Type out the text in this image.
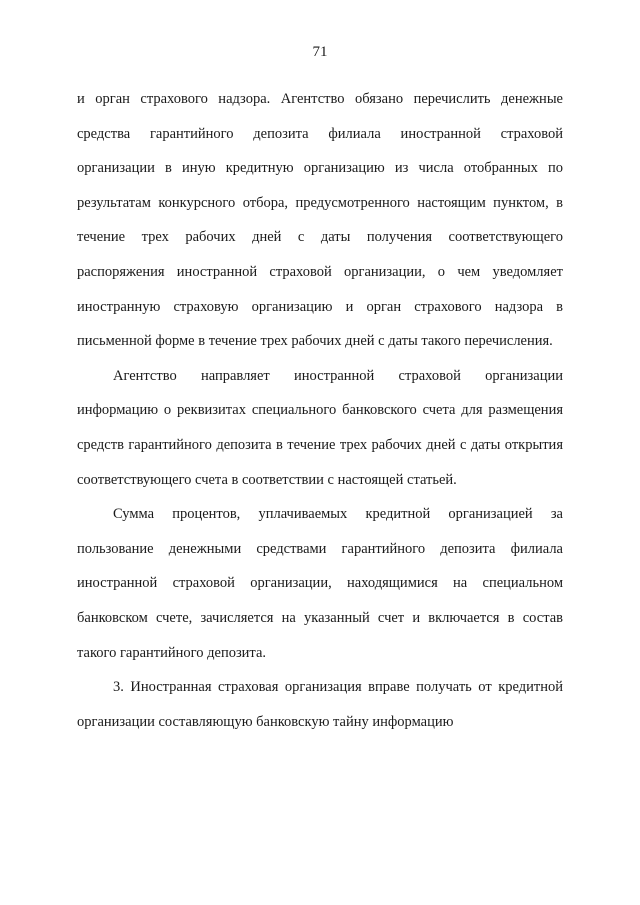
71

и орган страхового надзора. Агентство обязано перечислить денежные средства гарантийного депозита филиала иностранной страховой организации в иную кредитную организацию из числа отобранных по результатам конкурсного отбора, предусмотренного настоящим пунктом, в течение трех рабочих дней с даты получения соответствующего распоряжения иностранной страховой организации, о чем уведомляет иностранную страховую организацию и орган страхового надзора в письменной форме в течение трех рабочих дней с даты такого перечисления.

Агентство направляет иностранной страховой организации информацию о реквизитах специального банковского счета для размещения средств гарантийного депозита в течение трех рабочих дней с даты открытия соответствующего счета в соответствии с настоящей статьей.

Сумма процентов, уплачиваемых кредитной организацией за пользование денежными средствами гарантийного депозита филиала иностранной страховой организации, находящимися на специальном банковском счете, зачисляется на указанный счет и включается в состав такого гарантийного депозита.

3. Иностранная страховая организация вправе получать от кредитной организации составляющую банковскую тайну информацию
